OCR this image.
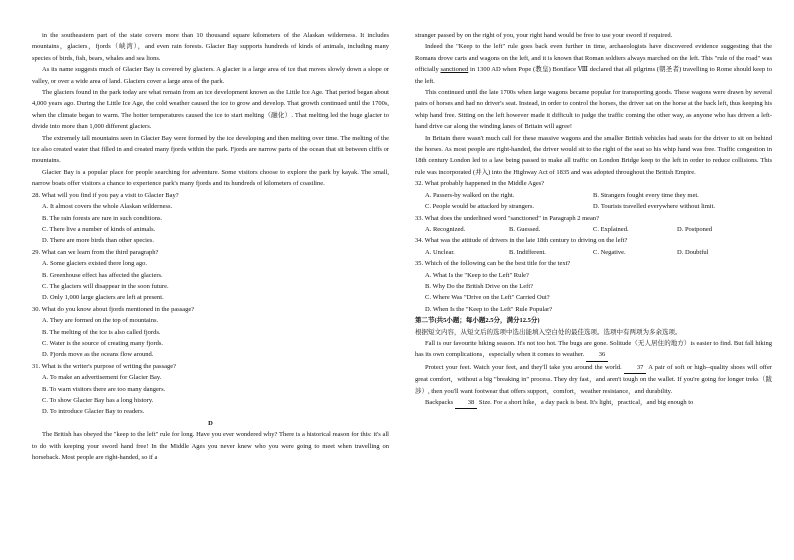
in the southeastern part of the state covers more than 10 thousand square kilometers of the Alaskan wilderness. It includes mountains，glaciers，fjords（峡湾），and even rain forests. Glacier Bay supports hundreds of kinds of animals, including many species of birds, fish, bears, whales and sea lions.

As its name suggests much of Glacier Bay is covered by glaciers. A glacier is a large area of ice that moves slowly down a slope or valley, or over a wide area of land. Glaciers cover a large area of the park.

The glaciers found in the park today are what remain from an ice development known as the Little Ice Age. That period began about 4,000 years ago. During the Little Ice Age, the cold weather caused the ice to grow and develop. That growth continued until the 1700s, when the climate began to warm. The hotter temperatures caused the ice to start melting（融化）. That melting led the huge glacier to divide into more than 1,000 different glaciers.

The extremely tall mountains seen in Glacier Bay were formed by the ice developing and then melting over time. The melting of the ice also created water that filled in and created many fjords within the park. Fjords are narrow parts of the ocean that sit between cliffs or mountains.

Glacier Bay is a popular place for people searching for adventure. Some visitors choose to explore the park by kayak. The small, narrow boats offer visitors a chance to experience park's many fjords and its hundreds of kilometers of coastline.

28. What will you find if you pay a visit to Glacier Bay?

A. It almost covers the whole Alaskan wilderness.

B. The rain forests are rare in such conditions.

C. There live a number of kinds of animals.

D. There are more birds than other species.

29. What can we learn from the third paragraph?

A. Some glaciers existed there long ago.

B. Greenhouse effect has affected the glaciers.

C. The glaciers will disappear in the soon future.

D. Only 1,000 large glaciers are left at present.

30. What do you know about fjords mentioned in the passage?

A. They are formed on the top of mountains.

B. The melting of the ice is also called fjords.

C. Water is the source of creating many fjords.

D. Fjords move as the oceans flow around.

31. What is the writer's purpose of writing the passage?

A. To make an advertisement for Glacier Bay.

B. To warn visitors there are too many dangers.

C. To show Glacier Bay has a long history.

D. To introduce Glacier Bay to readers.

D

The British has obeyed the "keep to the left" rule for long. Have you ever wondered why? There is a historical reason for this: it's all to do with keeping your sword hand free! In the Middle Ages you never knew who you were going to meet when travelling on horseback. Most people are right-handed, so if a

stranger passed by on the right of you, your right hand would be free to use your sword if required.

Indeed the "Keep to the left" rule goes back even further in time, archaeologists have discovered evidence suggesting that the Romans drove carts and wagons on the left, and it is known that Roman soldiers always marched on the left. This "rule of the road" was officially sanctioned in 1300 AD when Pope (教皇) Boniface Ⅷ declared that all pilgrims (朝圣者) travelling to Rome should keep to the left.

This continued until the late 1700s when large wagons became popular for transporting goods. These wagons were drawn by several pairs of horses and had no driver's seat. Instead, in order to control the horses, the driver sat on the horse at the back left, thus keeping his whip hand free. Sitting on the left however made it difficult to judge the traffic coming the other way, as anyone who has driven a left-hand drive car along the winding lanes of Britain will agree!

In Britain there wasn't much call for these massive wagons and the smaller British vehicles had seats for the driver to sit on behind the horses. As most people are right-handed, the driver would sit to the right of the seat so his whip hand was free. Traffic congestion in 18th century London led to a law being passed to make all traffic on London Bridge keep to the left in order to reduce collisions. This rule was incorporated (并入) into the Highway Act of 1835 and was adopted throughout the British Empire.

32. What probably happened in the Middle Ages?

A. Passers-by walked on the right.	B. Strangers fought every time they met.
C. People would be attacked by strangers.	D. Tourists travelled everywhere without limit.

33. What does the underlined word "sanctioned" in Paragraph 2 mean?

A. Recognized.	B. Guessed.	C. Explained.	D. Postponed

34. What was the attitude of drivers in the late 18th century to driving on the left?

A. Unclear.	B. Indifferent.	C. Negative.	D. Doubtful

35. Which of the following can be the best title for the text?

A. What Is the "Keep to the Left" Rule?

B. Why Do the British Drive on the Left?

C. Where Was "Drive on the Left" Carried Out?

D. When Is the "Keep to the Left" Rule Popular?

第二节(共5小题；每小题2.5分，满分12.5分)

根据短文内容，从短文后的选项中选出能填入空白处的最佳选项。选项中有两项为多余选项。

Fall is our favourite hiking season. It's not too hot. The bugs are gone. Solitude（无人居住的地方）is easier to find. But fall hiking has its own complications，especially when it comes to weather. 36

Protect your feet. Watch your feet, and they'll take you around the world. 37 A pair of soft or high--quality shoes will offer great comfort，without a big "breaking in" process. They dry fast，and aren't tough on the wallet. If you're going for longer treks（跋涉）, then you'll want footwear that offers support，comfort，weather resistance，and durability.

Backpacks 38 Size. For a short hike，a day pack is best. It's light，practical，and big enough to
